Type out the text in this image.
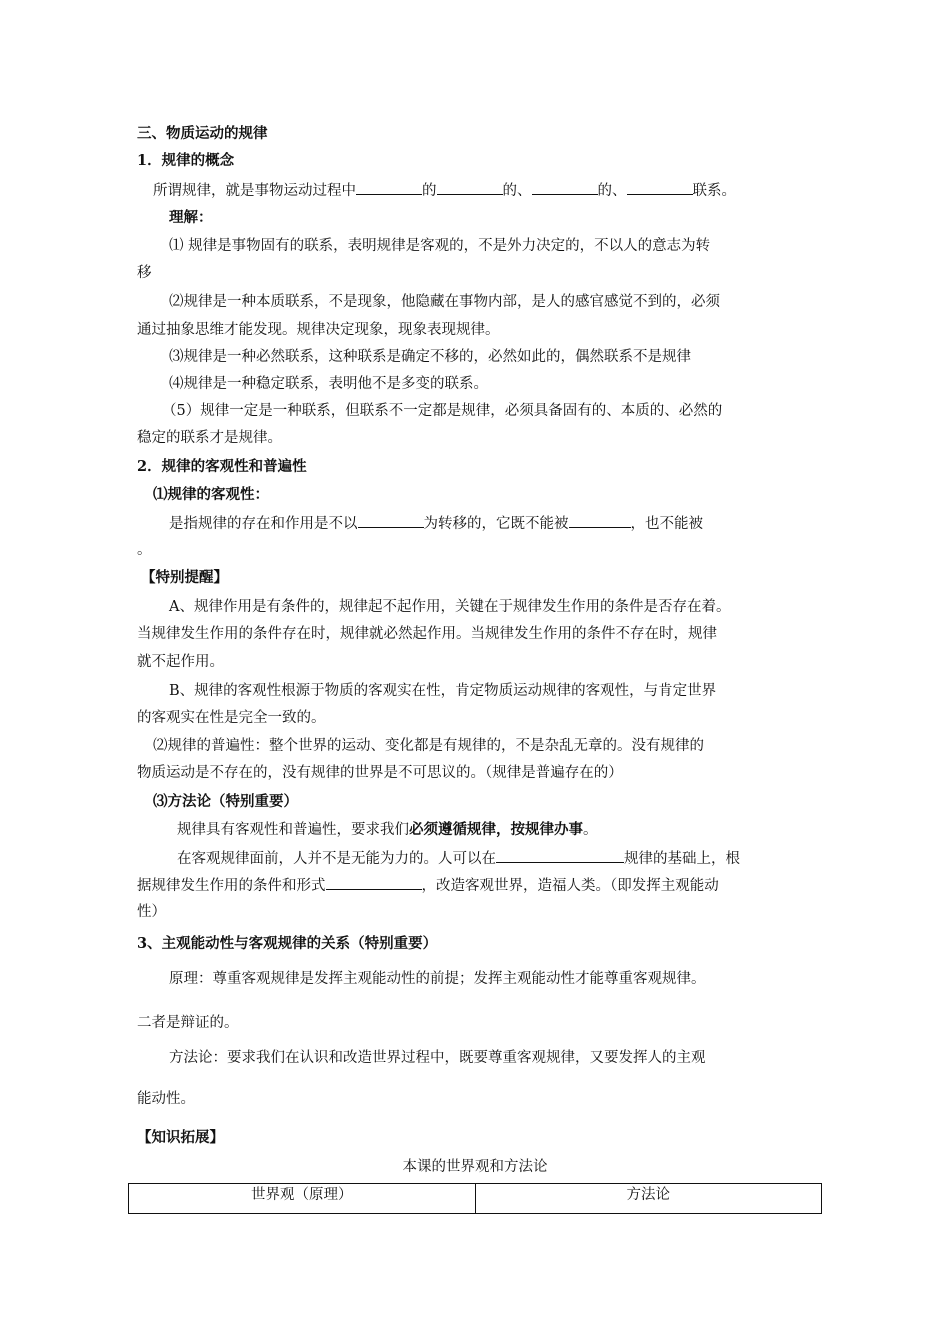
三、物质运动的规律
1．规律的概念
所谓规律，就是事物运动过程中	的	的、	的、	联系。
理解：
⑴ 规律是事物固有的联系，表明规律是客观的，不是外力决定的，不以人的意志为转
移
⑵规律是一种本质联系，不是现象，他隐藏在事物内部，是人的感官感觉不到的，必须
通过抽象思维才能发现。规律决定现象，现象表现规律。
⑶规律是一种必然联系，这种联系是确定不移的，必然如此的，偶然联系不是规律
⑷规律是一种稳定联系，表明他不是多变的联系。
（5）规律一定是一种联系，但联系不一定都是规律，必须具备固有的、本质的、必然的
稳定的联系才是规律。
2．规律的客观性和普遍性
⑴规律的客观性：
是指规律的存在和作用是不以	为转移的，它既不能被	，也不能被
。
【特别提醒】
A、规律作用是有条件的，规律起不起作用，关键在于规律发生作用的条件是否存在着。
当规律发生作用的条件存在时，规律就必然起作用。当规律发生作用的条件不存在时，规律
就不起作用。
B、规律的客观性根源于物质的客观实在性，肯定物质运动规律的客观性，与肯定世界
的客观实在性是完全一致的。
⑵规律的普遍性：整个世界的运动、变化都是有规律的，不是杂乱无章的。没有规律的
物质运动是不存在的，没有规律的世界是不可思议的。（规律是普遍存在的）
⑶方法论（特别重要）
规律具有客观性和普遍性，要求我们必须遵循规律，按规律办事。
在客观规律面前，人并不是无能为力的。人可以在	规律的基础上，根
据规律发生作用的条件和形式	，改造客观世界，造福人类。（即发挥主观能动
性）
3、主观能动性与客观规律的关系（特别重要）
原理：尊重客观规律是发挥主观能动性的前提；发挥主观能动性才能尊重客观规律。
二者是辩证的。
方法论：要求我们在认识和改造世界过程中，既要尊重客观规律，又要发挥人的主观
能动性。
【知识拓展】
本课的世界观和方法论
世界观（原理）	方法论
